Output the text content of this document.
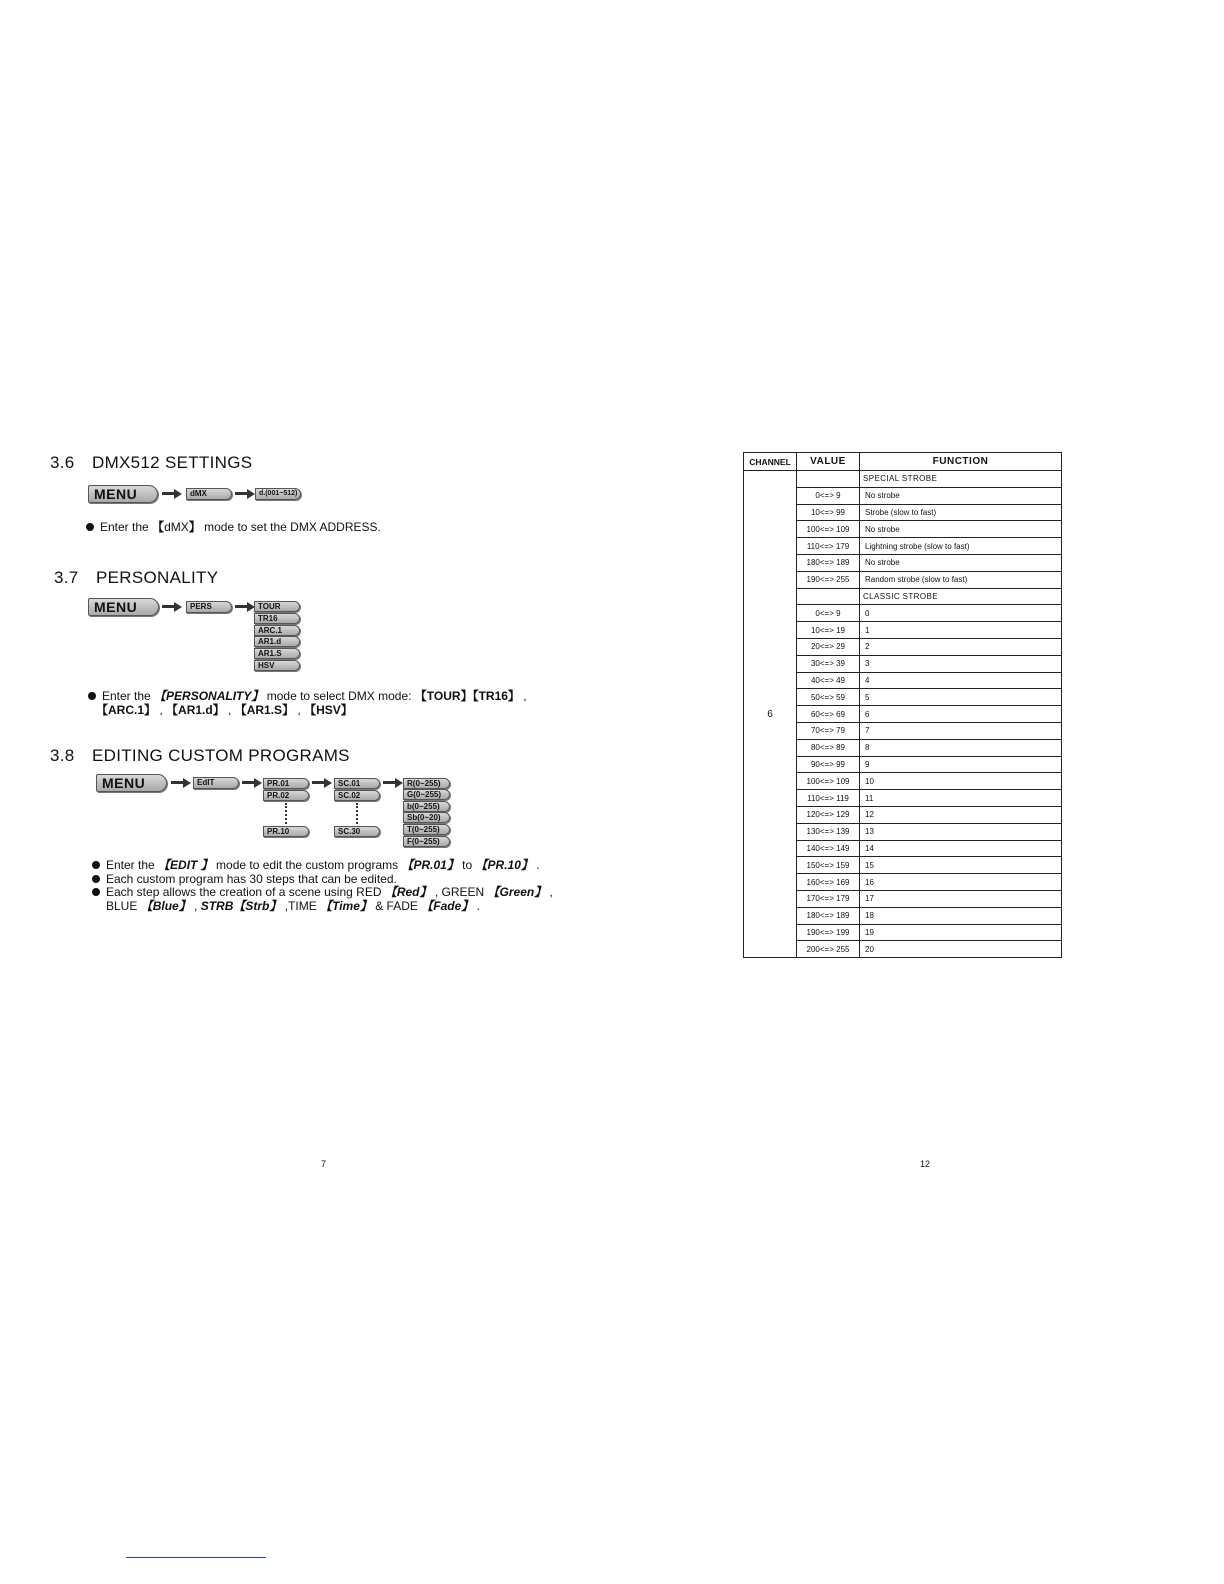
3.6 DMX512 SETTINGS
MENU	dMX	d.(001~512)
Enter the 【dMX】 mode to set the DMX ADDRESS.
3.7 PERSONALITY
MENU	PERS	TOUR
TR16
ARC.1
AR1.d
AR1.S
HSV
Enter the 【PERSONALITY】 mode to select DMX mode: 【TOUR】【TR16】 ,
【ARC.1】 , 【AR1.d】 , 【AR1.S】 , 【HSV】
3.8 EDITING CUSTOM PROGRAMS
MENU	EdIT	PR.01
PR.02
PR.10
SC.01
SC.02
SC.30
R(0~255)
G(0~255)
b(0~255)
Sb(0~20)
T(0~255)
F(0~255)
Enter the 【EDIT 】 mode to edit the custom programs 【PR.01】 to 【PR.10】 .
Each custom program has 30 steps that can be edited.
Each step allows the creation of a scene using RED 【Red】 , GREEN 【Green】 ,
BLUE 【Blue】 , STRB【Strb】 ,TIME 【Time】 & FADE 【Fade】 .
7
CHANNEL	VALUE	FUNCTION
6		SPECIAL STROBE
	0<=> 9	No strobe
	10<=> 99	Strobe (slow to fast)
	100<=> 109	No strobe
	110<=> 179	Lightning strobe (slow to fast)
	180<=> 189	No strobe
	190<=> 255	Random strobe (slow to fast)
		CLASSIC STROBE
	0<=> 9	0
	10<=> 19	1
	20<=> 29	2
	30<=> 39	3
	40<=> 49	4
	50<=> 59	5
	60<=> 69	6
	70<=> 79	7
	80<=> 89	8
	90<=> 99	9
	100<=> 109	10
	110<=> 119	11
	120<=> 129	12
	130<=> 139	13
	140<=> 149	14
	150<=> 159	15
	160<=> 169	16
	170<=> 179	17
	180<=> 189	18
	190<=> 199	19
	200<=> 255	20
12
